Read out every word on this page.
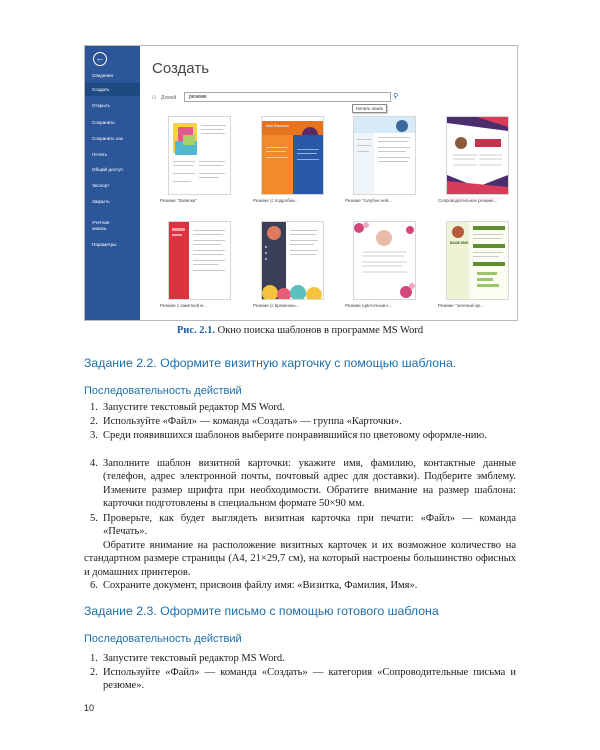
←
Сведения
Создать
Открыть
Сохранить
Сохранить как
Печать
Общий доступ
Экспорт
Закрыть
Учетная запись
Параметры
Создать
⌂ Домой	резюме	⚲
Начать поиск
Резюме "Записки"
Имя Фамилия
Резюме (с подробны...	Резюме "голубое ней...	Сопроводительное резюме...
Резюме с заметкой ж...	Резюме (с временны...	Резюме (цветочный к...
ВАШЕ ИМЯ
Резюме "зеленый ар...
Рис. 2.1. Окно поиска шаблонов в программе MS Word
Задание 2.2. Оформите визитную карточку с помощью шаблона.
Последовательность действий
1. Запустите текстовый редактор MS Word.
2. Используйте «Файл» — команда «Создать» — группа «Карточки».
3. Среди появившихся шаблонов выберите понравившийся по цветовому оформле-нию.
4. Заполните шаблон визитной карточки: укажите имя, фамилию, контактные данные (телефон, адрес электронной почты, почтовый адрес для доставки). Подберите эмблему. Измените размер шрифта при необходимости. Обратите внимание на размер шаблона: карточки подготовлены в специальном формате 50×90 мм.
5. Проверьте, как будет выглядеть визитная карточка при печати: «Файл» — команда «Печать».
Обратите внимание на расположение визитных карточек и их возможное количество на стандартном размере страницы (А4, 21×29,7 см), на который настроены большинство офисных и домашних принтеров.
6. Сохраните документ, присвоив файлу имя: «Визитка, Фамилия, Имя».
Задание 2.3. Оформите письмо с помощью готового шаблона
Последовательность действий
1. Запустите текстовый редактор MS Word.
2. Используйте «Файл» — команда «Создать» — категория «Сопроводительные письма и резюме».
10
